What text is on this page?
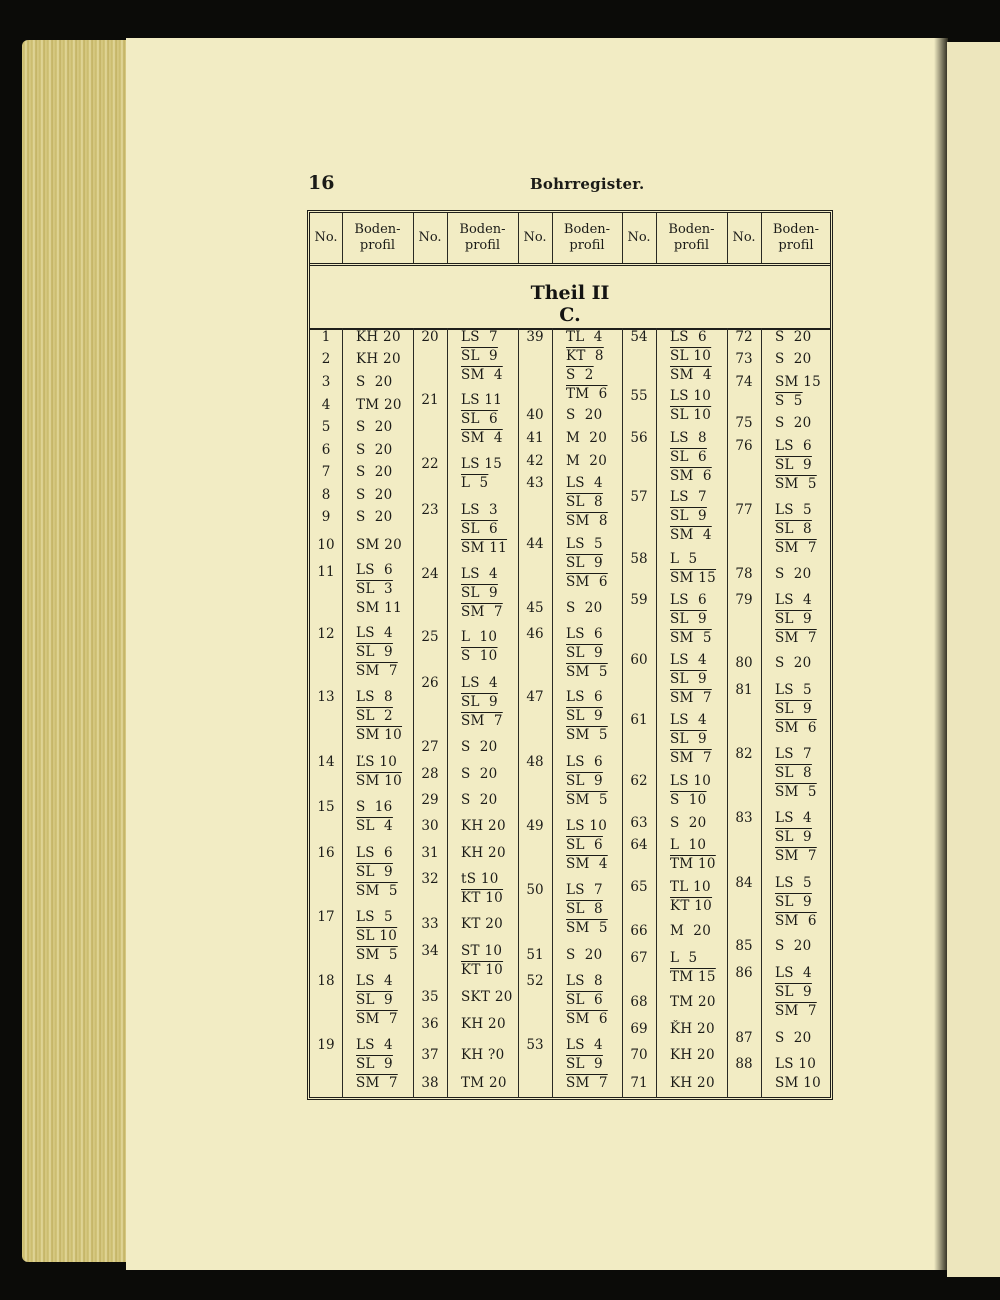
16	Bohrregister.
No.
Boden-
profil
No.
Boden-
profil
No.
Boden-
profil
No.
Boden-
profil
No.
Boden-
profil
Theil II C.
1
2
3
4
5
6
7
8
9
10
11
12
13
14
15
16
17
18
19
KH 20
KH 20
S  20
TM 20
S  20
S  20
S  20
S  20
S  20
SM 20
LS  6
SL  3
SM 11
LS  4
SL  9
SM  7
LS  8
SL  2
SM 10
ĽS 10
SM 10
S  16
SL  4
LS  6
SL  9
SM  5
LS  5
SL 10
SM  5
LS  4
SL  9
SM  7
LS  4
SL  9
SM  7
20
21
22
23
24
25
26
27
28
29
30
31
32
33
34
35
36
37
38
LS  7
SL  9
SM  4
LS 11
SL  6
SM  4
LS 15
L  5
LS  3
SL  6
SM 11
LS  4
SL  9
SM  7
L  10
S  10
LS  4
SL  9
SM  7
S  20
S  20
S  20
KH 20
KH 20
tS 10
KT 10
KT 20
ST 10
KT 10
SKT 20
KH 20
KH ?0
TM 20
39
40
41
42
43
44
45
46
47
48
49
50
51
52
53
TL  4
KT  8
S  2
TM  6
S  20
M  20
M  20
LS  4
SL  8
SM  8
LS  5
SL  9
SM  6
S  20
LS  6
SL  9
SM  5
LS  6
SL  9
SM  5
LS  6
SL  9
SM  5
LS 10
SL  6
SM  4
LS  7
SL  8
SM  5
S  20
LS  8
SL  6
SM  6
LS  4
SL  9
SM  7
54
55
56
57
58
59
60
61
62
63
64
65
66
67
68
69
70
71
LS  6
SL 10
SM  4
LS 10
SL 10
LS  8
SL  6
SM  6
LS  7
SL  9
SM  4
L  5
SM 15
LS  6
SL  9
SM  5
LS  4
SL  9
SM  7
LS  4
SL  9
SM  7
LS 10
S  10
S  20
L  10
TM 10
TL 10
KT 10
M  20
L  5
TM 15
TM 20
ǨH 20
KH 20
KH 20
72
73
74
75
76
77
78
79
80
81
82
83
84
85
86
87
88
S  20
S  20
SM 15
S  5
S  20
LS  6
SL  9
SM  5
LS  5
SL  8
SM  7
S  20
LS  4
SL  9
SM  7
S  20
LS  5
SL  9
SM  6
LS  7
SL  8
SM  5
LS  4
SL  9
SM  7
LS  5
SL  9
SM  6
S  20
LS  4
SL  9
SM  7
S  20
LS 10
SM 10
